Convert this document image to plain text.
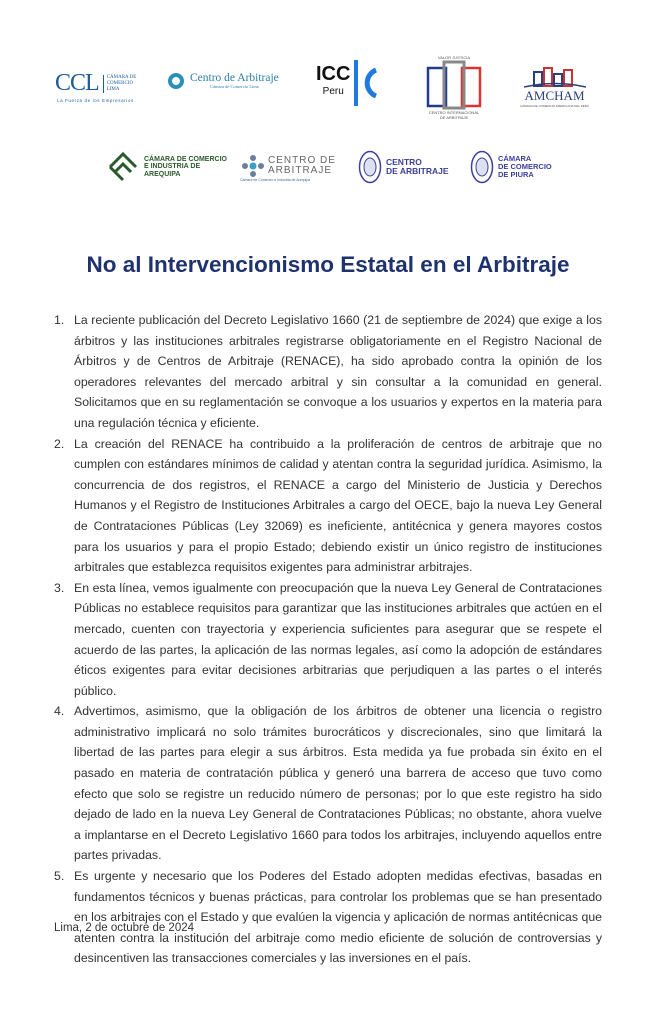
CCL	CÁMARA DE COMERCIO LIMA
La Fuerza de los Empresarios
Centro de Arbitraje
Cámara de Comercio Lima
ICC
Peru
VALOR JUSTICIA
CENTRO INTERNACIONAL DE ARBITRAJE
AMCHAM
CÁMARA DE COMERCIO AMERICANA DEL PERÚ
CÁMARA DE COMERCIO
E INDUSTRIA DE
AREQUIPA
CENTRO DE
ARBITRAJE
Cámara de Comercio e Industria de Arequipa
CENTRO
DE ARBITRAJE
CÁMARA
DE COMERCIO
DE PIURA
No al Intervencionismo Estatal en el Arbitraje
1. La reciente publicación del Decreto Legislativo 1660 (21 de septiembre de 2024) que exige a los árbitros y las instituciones arbitrales registrarse obligatoriamente en el Registro Nacional de Árbitros y de Centros de Arbitraje (RENACE), ha sido aprobado contra la opinión de los operadores relevantes del mercado arbitral y sin consultar a la comunidad en general. Solicitamos que en su reglamentación se convoque a los usuarios y expertos en la materia para una regulación técnica y eficiente.
2. La creación del RENACE ha contribuido a la proliferación de centros de arbitraje que no cumplen con estándares mínimos de calidad y atentan contra la seguridad jurídica. Asimismo, la concurrencia de dos registros, el RENACE a cargo del Ministerio de Justicia y Derechos Humanos y el Registro de Instituciones Arbitrales a cargo del OECE, bajo la nueva Ley General de Contrataciones Públicas (Ley 32069) es ineficiente, antitécnica y genera mayores costos para los usuarios y para el propio Estado; debiendo existir un único registro de instituciones arbitrales que establezca requisitos exigentes para administrar arbitrajes.
3. En esta línea, vemos igualmente con preocupación que la nueva Ley General de Contrataciones Públicas no establece requisitos para garantizar que las instituciones arbitrales que actúen en el mercado, cuenten con trayectoria y experiencia suficientes para asegurar que se respete el acuerdo de las partes, la aplicación de las normas legales, así como la adopción de estándares éticos exigentes para evitar decisiones arbitrarias que perjudiquen a las partes o el interés público.
4. Advertimos, asimismo, que la obligación de los árbitros de obtener una licencia o registro administrativo implicará no solo trámites burocráticos y discrecionales, sino que limitará la libertad de las partes para elegir a sus árbitros. Esta medida ya fue probada sin éxito en el pasado en materia de contratación pública y generó una barrera de acceso que tuvo como efecto que solo se registre un reducido número de personas; por lo que este registro ha sido dejado de lado en la nueva Ley General de Contrataciones Públicas; no obstante, ahora vuelve a implantarse en el Decreto Legislativo 1660 para todos los arbitrajes, incluyendo aquellos entre partes privadas.
5. Es urgente y necesario que los Poderes del Estado adopten medidas efectivas, basadas en fundamentos técnicos y buenas prácticas, para controlar los problemas que se han presentado en los arbitrajes con el Estado y que evalúen la vigencia y aplicación de normas antitécnicas que atenten contra la institución del arbitraje como medio eficiente de solución de controversias y desincentiven las transacciones comerciales y las inversiones en el país.
Lima, 2 de octubre de 2024
